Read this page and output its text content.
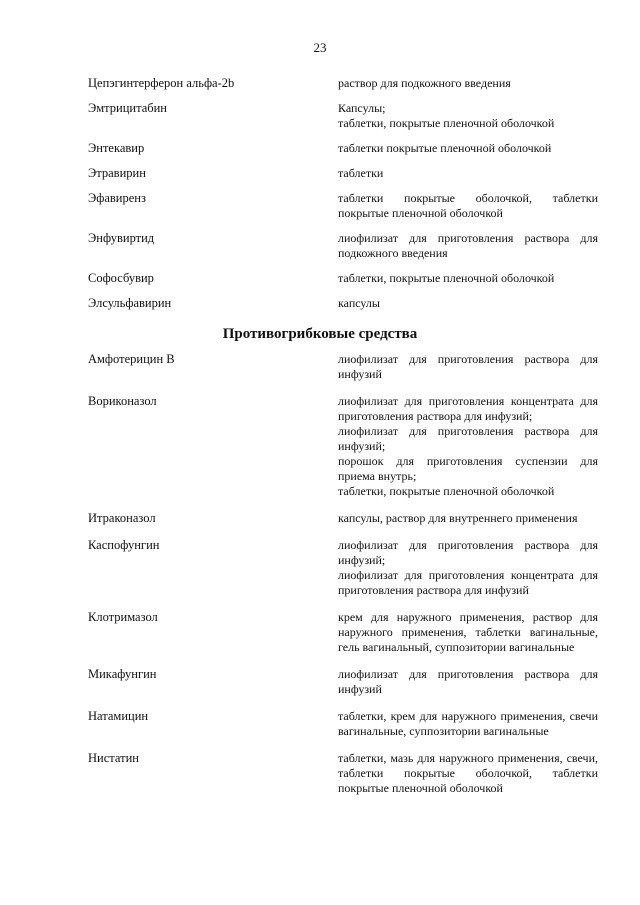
23
Цепэгинтерферон альфа-2b	раствор для подкожного введения
Эмтрицитабин	Капсулы;
таблетки, покрытые пленочной оболочкой
Энтекавир	таблетки покрытые пленочной оболочкой
Этравирин	таблетки
Эфавиренз	таблетки покрытые оболочкой, таблетки покрытые пленочной оболочкой
Энфувиртид	лиофилизат для приготовления раствора для подкожного введения
Софосбувир	таблетки, покрытые пленочной оболочкой
Элсульфавирин	капсулы
Противогрибковые средства
Амфотерицин В	лиофилизат для приготовления раствора для инфузий
Вориконазол	лиофилизат для приготовления концентрата для приготовления раствора для инфузий;
лиофилизат для приготовления раствора для инфузий;
порошок для приготовления суспензии для приема внутрь;
таблетки, покрытые пленочной оболочкой
Итраконазол	капсулы, раствор для внутреннего применения
Каспофунгин	лиофилизат для приготовления раствора для инфузий;
лиофилизат для приготовления концентрата для приготовления раствора для инфузий
Клотримазол	крем для наружного применения, раствор для наружного применения, таблетки вагинальные, гель вагинальный, суппозитории вагинальные
Микафунгин	лиофилизат для приготовления раствора для инфузий
Натамицин	таблетки, крем для наружного применения, свечи вагинальные, суппозитории вагинальные
Нистатин	таблетки, мазь для наружного применения, свечи, таблетки покрытые оболочкой, таблетки покрытые пленочной оболочкой
